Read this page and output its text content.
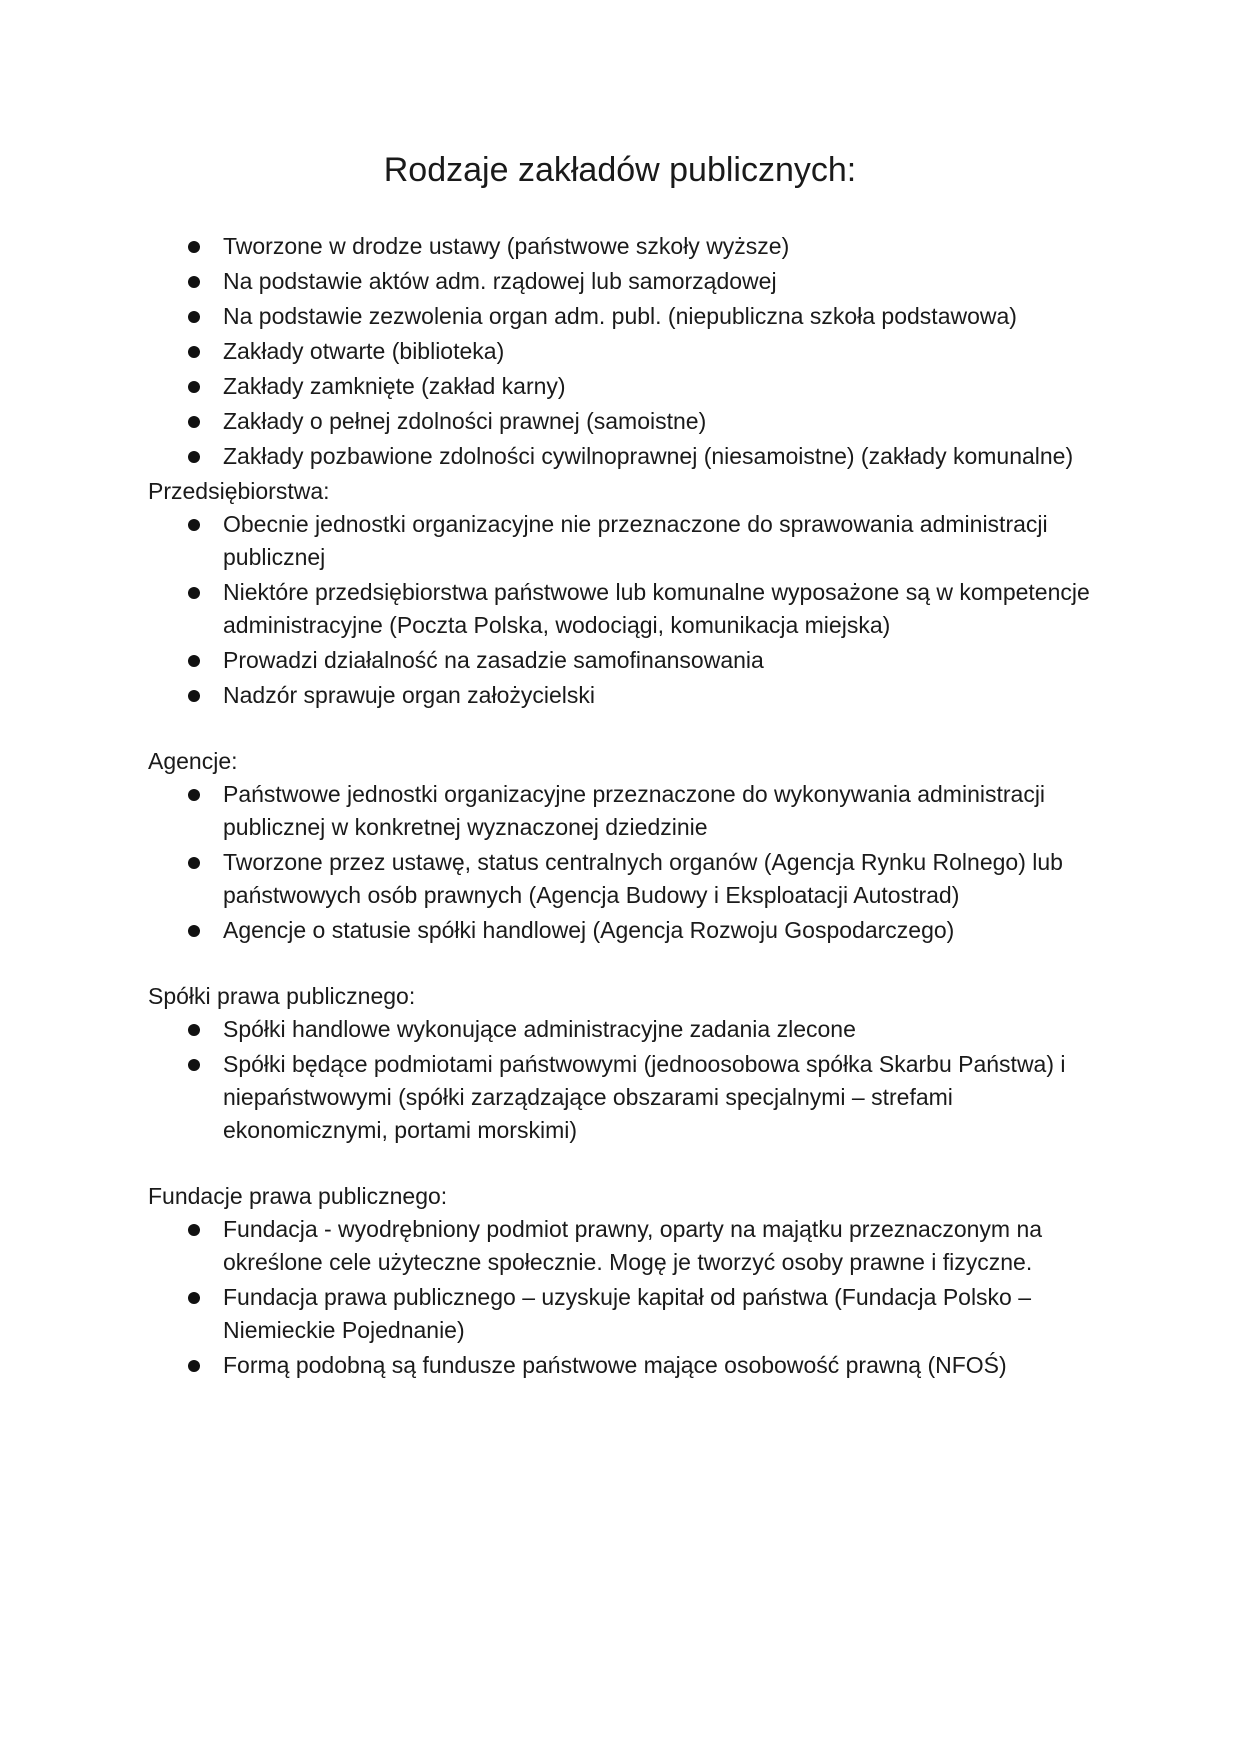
Rodzaje zakładów publicznych:
Tworzone w drodze ustawy (państwowe szkoły wyższe)
Na podstawie aktów adm. rządowej lub samorządowej
Na podstawie zezwolenia organ adm. publ. (niepubliczna szkoła podstawowa)
Zakłady otwarte (biblioteka)
Zakłady zamknięte (zakład karny)
Zakłady o pełnej zdolności prawnej (samoistne)
Zakłady pozbawione zdolności cywilnoprawnej (niesamoistne) (zakłady komunalne)

Przedsiębiorstwa:

Obecnie jednostki organizacyjne nie przeznaczone do sprawowania administracji publicznej
Niektóre przedsiębiorstwa państwowe lub komunalne wyposażone są w kompetencje administracyjne (Poczta Polska, wodociągi, komunikacja miejska)
Prowadzi działalność na zasadzie samofinansowania
Nadzór sprawuje organ założycielski

Agencje:

Państwowe jednostki organizacyjne przeznaczone do wykonywania administracji publicznej w konkretnej wyznaczonej dziedzinie
Tworzone przez ustawę, status centralnych organów (Agencja Rynku Rolnego) lub państwowych osób prawnych (Agencja Budowy i Eksploatacji Autostrad)
Agencje o statusie spółki handlowej (Agencja Rozwoju Gospodarczego)

Spółki prawa publicznego:

Spółki handlowe wykonujące administracyjne zadania zlecone
Spółki będące podmiotami państwowymi (jednoosobowa spółka Skarbu Państwa) i niepaństwowymi (spółki zarządzające obszarami specjalnymi – strefami ekonomicznymi, portami morskimi)

Fundacje prawa publicznego:

Fundacja - wyodrębniony podmiot prawny, oparty na majątku przeznaczonym na określone cele użyteczne społecznie. Mogę je tworzyć osoby prawne i fizyczne.
Fundacja prawa publicznego – uzyskuje kapitał od państwa (Fundacja Polsko – Niemieckie Pojednanie)
Formą podobną są fundusze państwowe mające osobowość prawną (NFOŚ)
